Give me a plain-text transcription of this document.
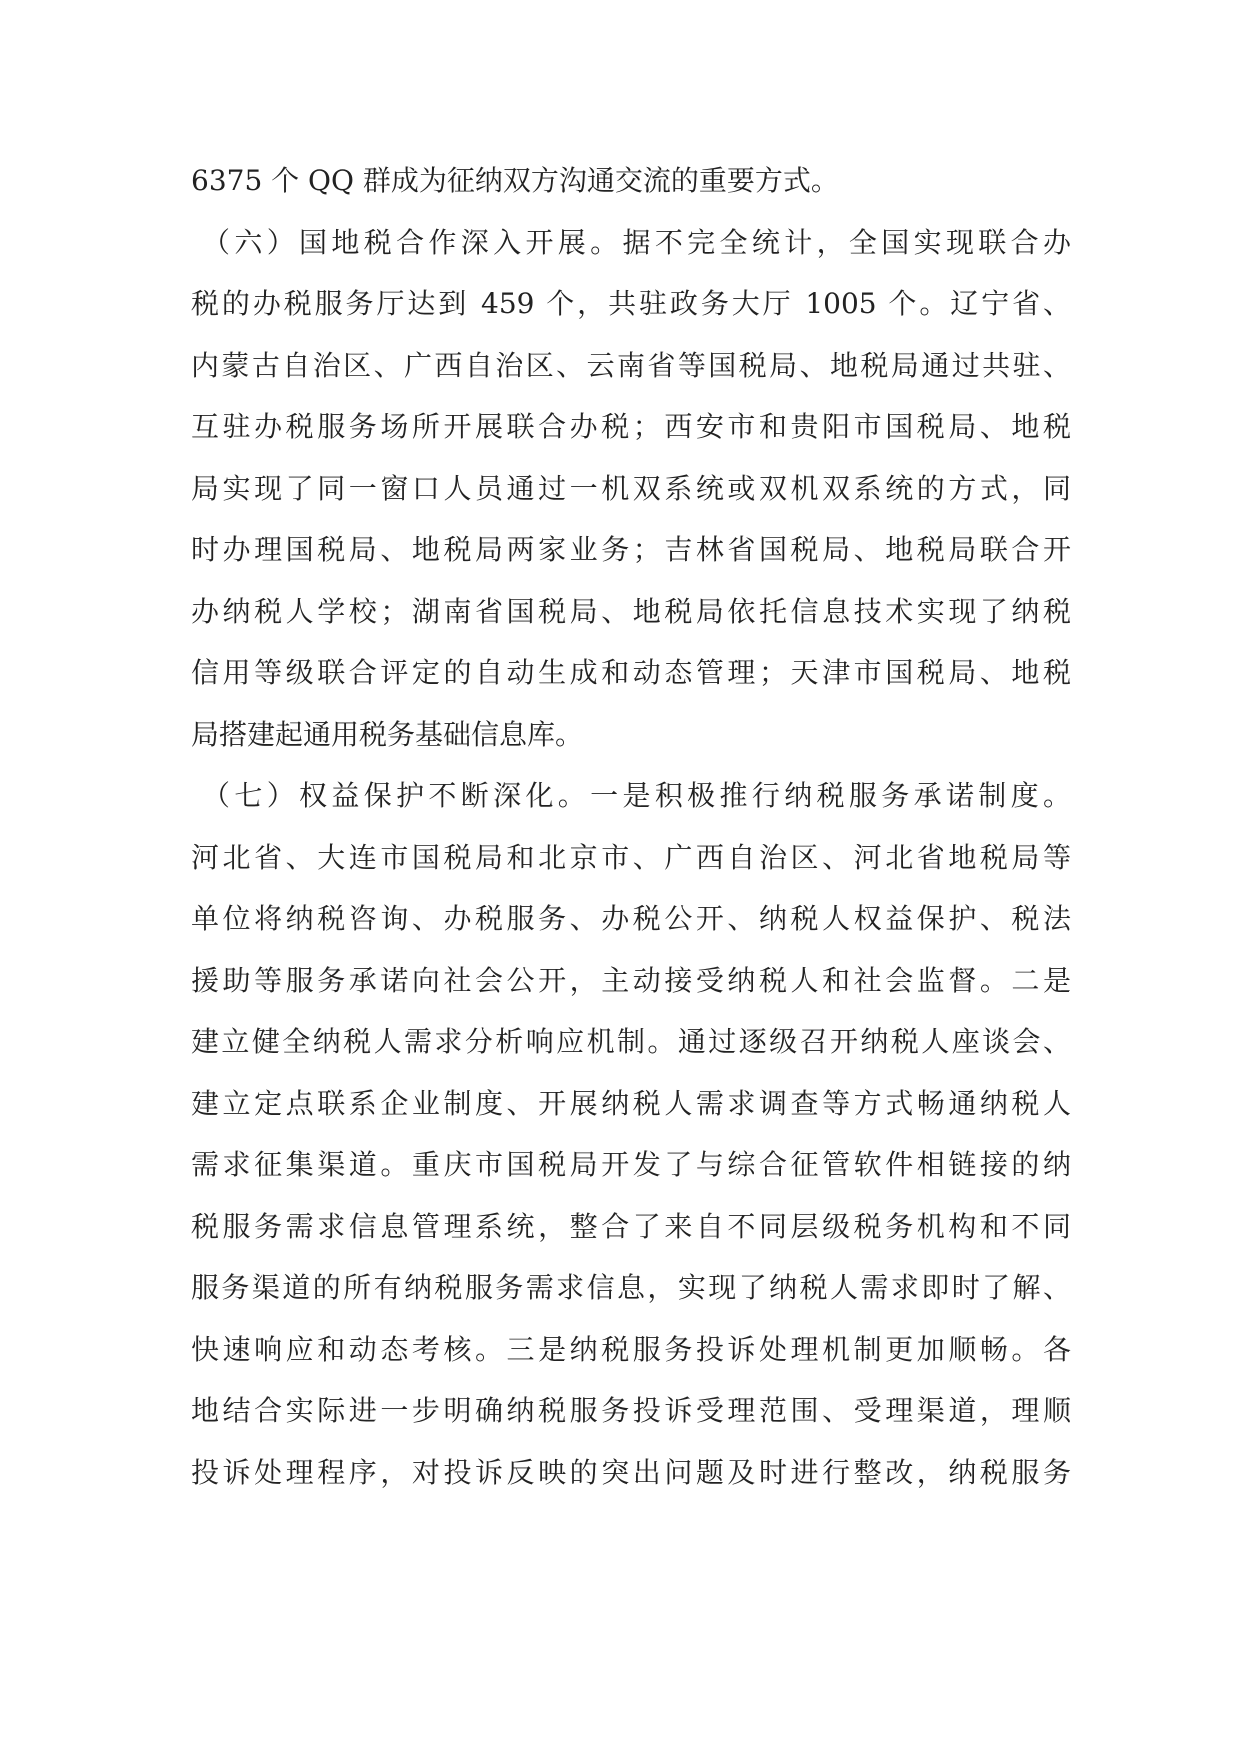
6375 个 QQ 群成为征纳双方沟通交流的重要方式。
（六）国地税合作深入开展。据不完全统计，全国实现联合办
税的办税服务厅达到 459 个，共驻政务大厅 1005 个。辽宁省、
内蒙古自治区、广西自治区、云南省等国税局、地税局通过共驻、
互驻办税服务场所开展联合办税；西安市和贵阳市国税局、地税
局实现了同一窗口人员通过一机双系统或双机双系统的方式，同
时办理国税局、地税局两家业务；吉林省国税局、地税局联合开
办纳税人学校；湖南省国税局、地税局依托信息技术实现了纳税
信用等级联合评定的自动生成和动态管理；天津市国税局、地税
局搭建起通用税务基础信息库。
（七）权益保护不断深化。一是积极推行纳税服务承诺制度。
河北省、大连市国税局和北京市、广西自治区、河北省地税局等
单位将纳税咨询、办税服务、办税公开、纳税人权益保护、税法
援助等服务承诺向社会公开，主动接受纳税人和社会监督。二是
建立健全纳税人需求分析响应机制。通过逐级召开纳税人座谈会、
建立定点联系企业制度、开展纳税人需求调查等方式畅通纳税人
需求征集渠道。重庆市国税局开发了与综合征管软件相链接的纳
税服务需求信息管理系统，整合了来自不同层级税务机构和不同
服务渠道的所有纳税服务需求信息，实现了纳税人需求即时了解、
快速响应和动态考核。三是纳税服务投诉处理机制更加顺畅。各
地结合实际进一步明确纳税服务投诉受理范围、受理渠道，理顺
投诉处理程序，对投诉反映的突出问题及时进行整改，纳税服务
